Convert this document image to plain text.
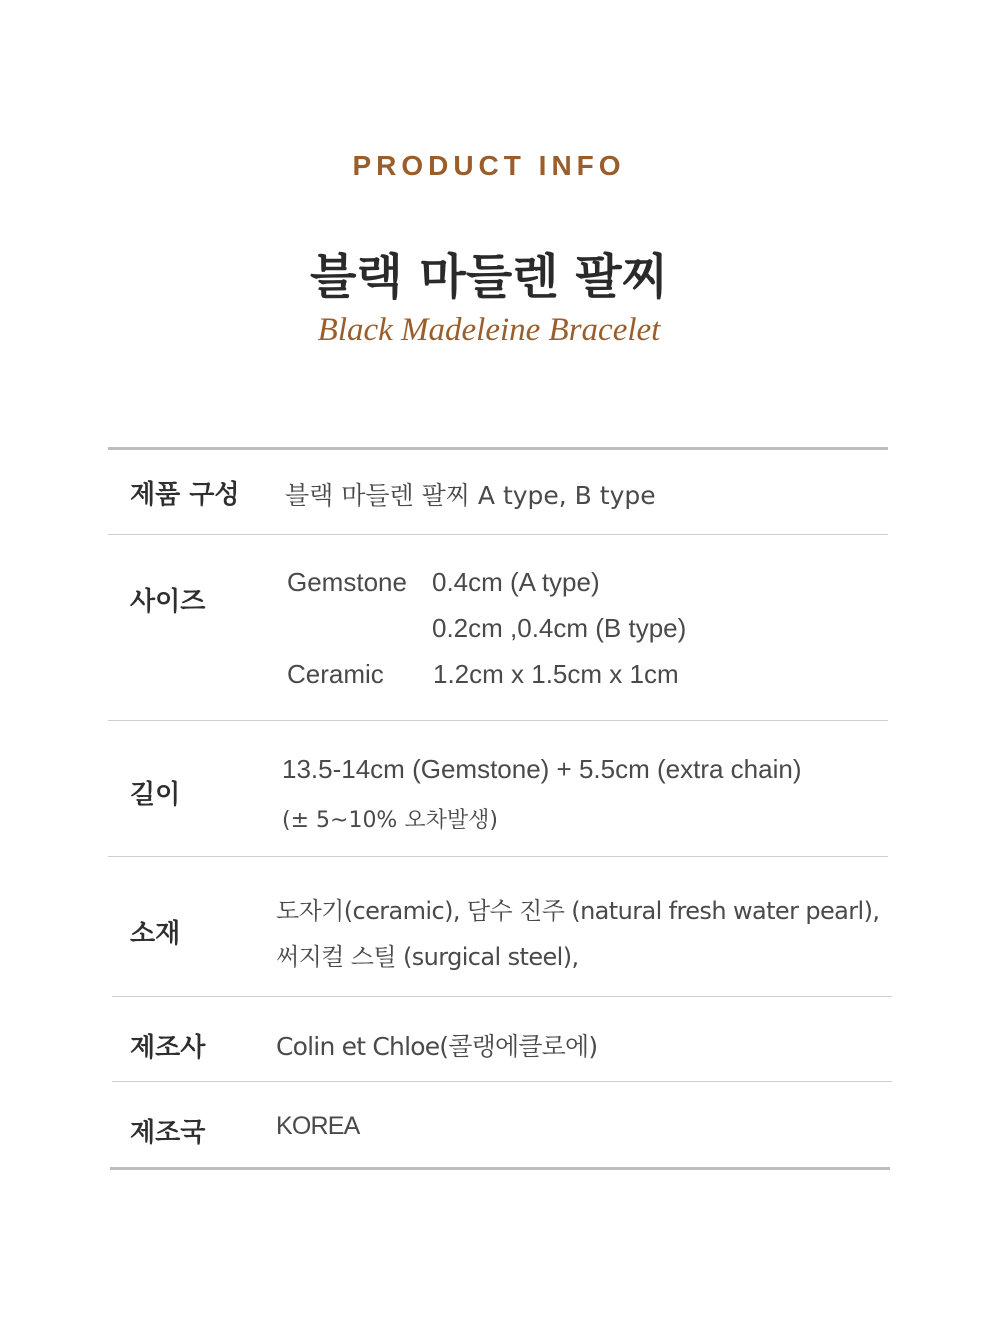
PRODUCT INFO
블랙 마들렌 팔찌
Black Madeleine Bracelet
제품 구성 블랙 마들렌 팔찌 A type, B type
사이즈
Gemstone 0.4cm (A type)
0.2cm ,0.4cm (B type)
Ceramic 1.2cm x 1.5cm x 1cm
길이
13.5-14cm (Gemstone) + 5.5cm (extra chain)
(± 5~10% 오차발생)
소재
도자기(ceramic), 담수 진주 (natural fresh water pearl),
써지컬 스틸 (surgical steel),
제조사	Colin et Chloe(콜랭에클로에)
제조국	KOREA
